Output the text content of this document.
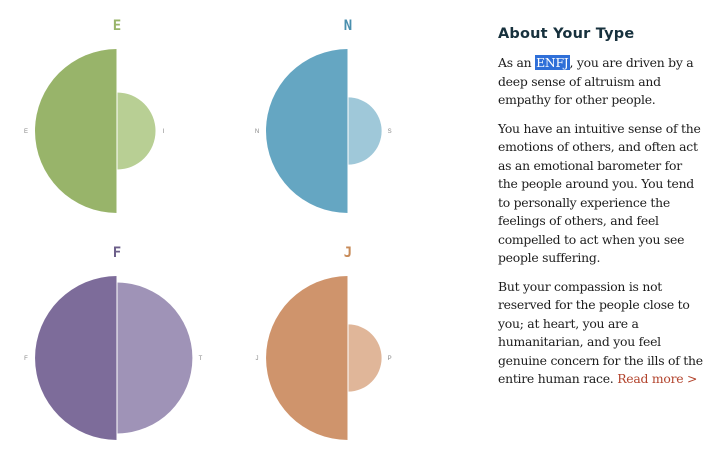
E
E	I
N
N	S
F
F	T
J
J	P
About Your Type

As an ENFJ, you are driven by a deep sense of altruism and empathy for other people.

You have an intuitive sense of the emotions of others, and often act as an emotional barometer for the people around you. You tend to personally experience the feelings of others, and feel compelled to act when you see people suffering.

But your compassion is not reserved for the people close to you; at heart, you are a humanitarian, and you feel genuine concern for the ills of the entire human race. Read more >
